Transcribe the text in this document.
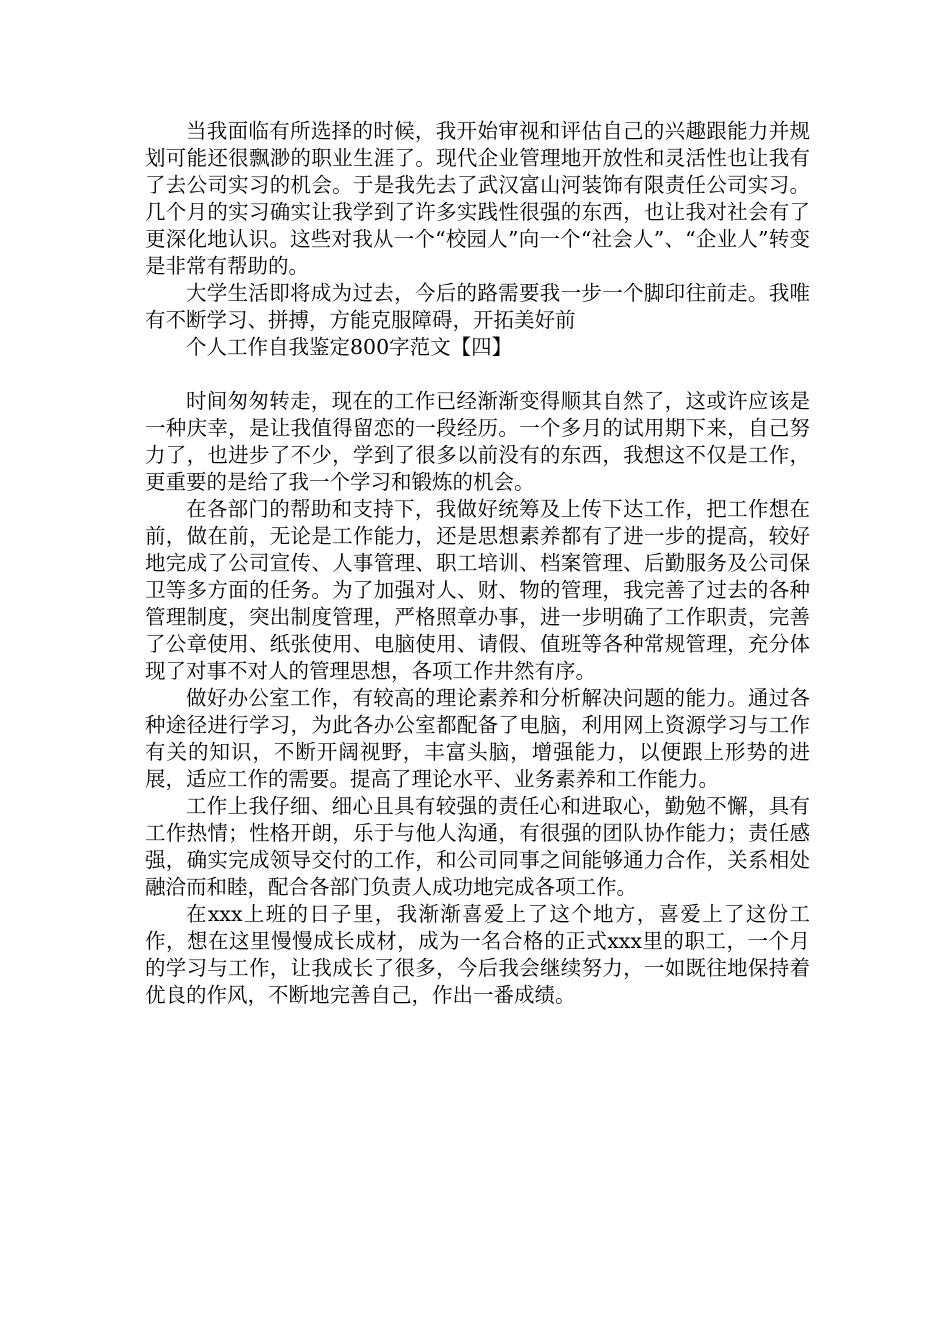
当我面临有所选择的时候，我开始审视和评估自己的兴趣跟能力并规划可能还很飘渺的职业生涯了。现代企业管理地开放性和灵活性也让我有了去公司实习的机会。于是我先去了武汉富山河装饰有限责任公司实习。几个月的实习确实让我学到了许多实践性很强的东西，也让我对社会有了更深化地认识。这些对我从一个“校园人”向一个“社会人”、“企业人”转变是非常有帮助的。

大学生活即将成为过去，今后的路需要我一步一个脚印往前走。我唯有不断学习、拼搏，方能克服障碍，开拓美好前

个人工作自我鉴定800字范文【四】

时间匆匆转走，现在的工作已经渐渐变得顺其自然了，这或许应该是一种庆幸，是让我值得留恋的一段经历。一个多月的试用期下来，自己努力了，也进步了不少，学到了很多以前没有的东西，我想这不仅是工作，更重要的是给了我一个学习和锻炼的机会。

在各部门的帮助和支持下，我做好统筹及上传下达工作，把工作想在前，做在前，无论是工作能力，还是思想素养都有了进一步的提高，较好地完成了公司宣传、人事管理、职工培训、档案管理、后勤服务及公司保卫等多方面的任务。为了加强对人、财、物的管理，我完善了过去的各种管理制度，突出制度管理，严格照章办事，进一步明确了工作职责，完善了公章使用、纸张使用、电脑使用、请假、值班等各种常规管理，充分体现了对事不对人的管理思想，各项工作井然有序。

做好办公室工作，有较高的理论素养和分析解决问题的能力。通过各种途径进行学习，为此各办公室都配备了电脑，利用网上资源学习与工作有关的知识，不断开阔视野，丰富头脑，增强能力，以便跟上形势的进展，适应工作的需要。提高了理论水平、业务素养和工作能力。

工作上我仔细、细心且具有较强的责任心和进取心，勤勉不懈，具有工作热情；性格开朗，乐于与他人沟通，有很强的团队协作能力；责任感强，确实完成领导交付的工作，和公司同事之间能够通力合作，关系相处融洽而和睦，配合各部门负责人成功地完成各项工作。

在xxx上班的日子里，我渐渐喜爱上了这个地方，喜爱上了这份工作，想在这里慢慢成长成材，成为一名合格的正式xxx里的职工，一个月的学习与工作，让我成长了很多，今后我会继续努力，一如既往地保持着优良的作风，不断地完善自己，作出一番成绩。
